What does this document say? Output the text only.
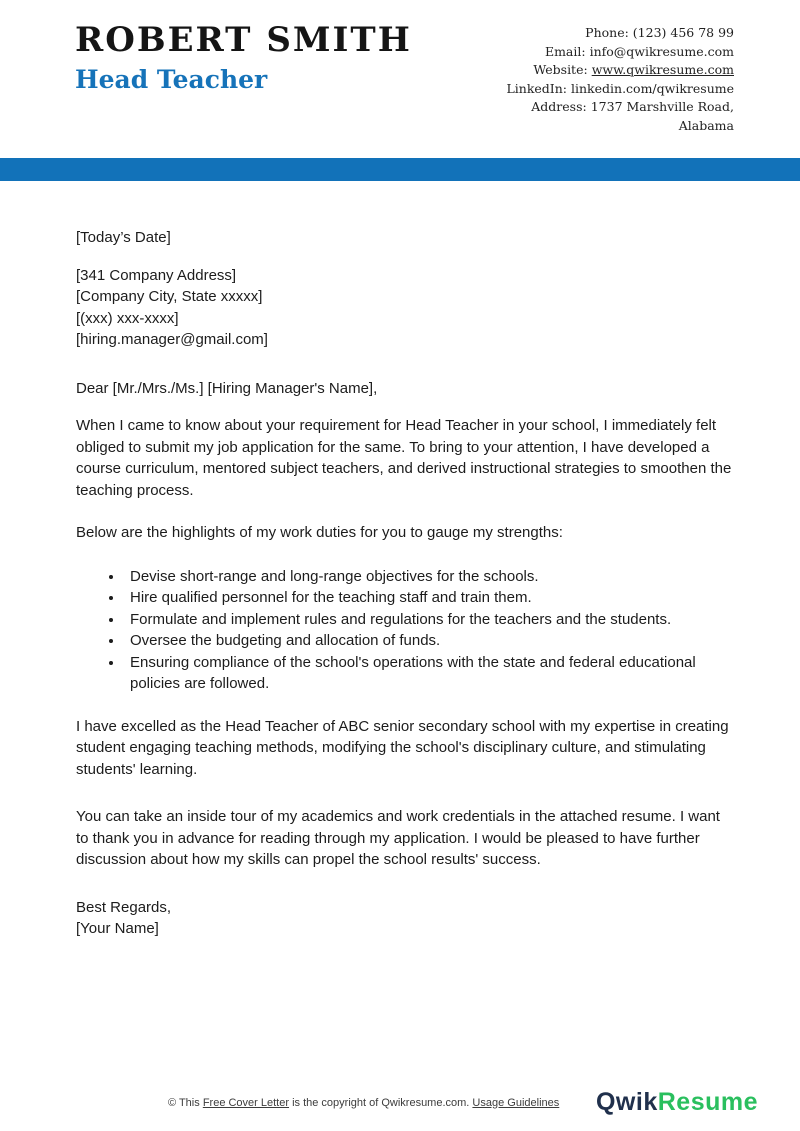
ROBERT SMITH
Head Teacher
Phone: (123) 456 78 99
Email: info@qwikresume.com
Website: www.qwikresume.com
LinkedIn: linkedin.com/qwikresume
Address: 1737 Marshville Road,
Alabama

[Today’s Date]

[341 Company Address]

[Company City, State xxxxx]

[(xxx) xxx-xxxx]

[hiring.manager@gmail.com]

Dear [Mr./Mrs./Ms.] [Hiring Manager's Name],

When I came to know about your requirement for Head Teacher in your school, I immediately felt obliged to submit my job application for the same. To bring to your attention, I have developed a course curriculum, mentored subject teachers, and derived instructional strategies to smoothen the teaching process.

Below are the highlights of my work duties for you to gauge my strengths:

• Devise short-range and long-range objectives for the schools.
• Hire qualified personnel for the teaching staff and train them.
• Formulate and implement rules and regulations for the teachers and the students.
• Oversee the budgeting and allocation of funds.
• Ensuring compliance of the school's operations with the state and federal educational policies are followed.

I have excelled as the Head Teacher of ABC senior secondary school with my expertise in creating student engaging teaching methods, modifying the school's disciplinary culture, and stimulating students' learning.

You can take an inside tour of my academics and work credentials in the attached resume. I want to thank you in advance for reading through my application. I would be pleased to have further discussion about how my skills can propel the school results' success.

Best Regards,

[Your Name]

© This Free Cover Letter is the copyright of Qwikresume.com. Usage Guidelines QwikResume
